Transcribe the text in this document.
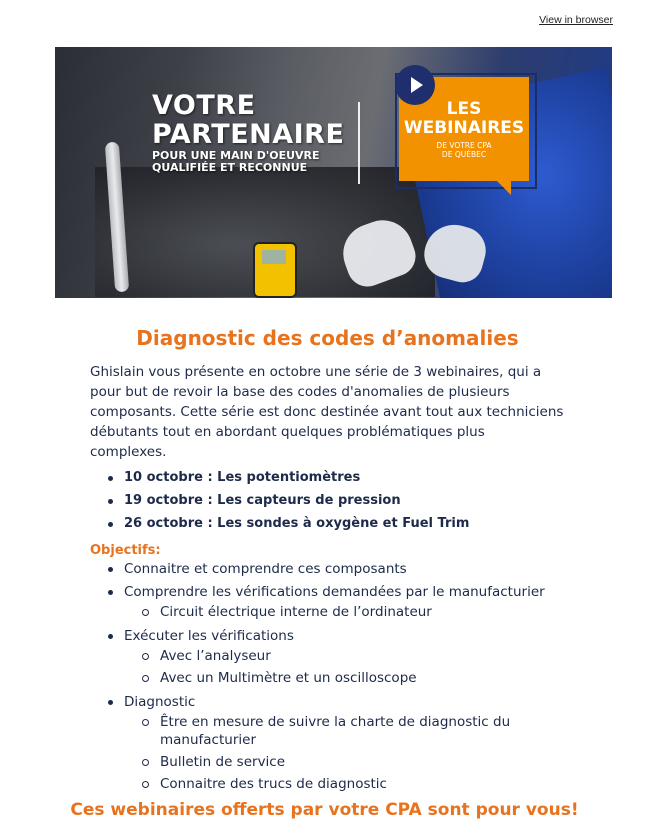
View in browser
VOTRE
PARTENAIRE
POUR UNE MAIN D'OEUVRE
QUALIFIÉE ET RECONNUE
LES
WEBINAIRES
DE VOTRE CPA
DE QUÉBEC
Diagnostic des codes d’anomalies

Ghislain vous présente en octobre une série de 3 webinaires, qui a pour but de revoir la base des codes d'anomalies de plusieurs composants. Cette série est donc destinée avant tout aux techniciens débutants tout en abordant quelques problématiques plus complexes.

10 octobre : Les potentiomètres
19 octobre : Les capteurs de pression
26 octobre : Les sondes à oxygène et Fuel Trim
Objectifs:
Connaitre et comprendre ces composants
Comprendre les vérifications demandées par le manufacturier
Circuit électrique interne de l’ordinateur
Exécuter les vérifications
Avec l’analyseur
Avec un Multimètre et un oscilloscope
Diagnostic
Être en mesure de suivre la charte de diagnostic du manufacturier
Bulletin de service
Connaitre des trucs de diagnostic
Ces webinaires offerts par votre CPA sont pour vous!
